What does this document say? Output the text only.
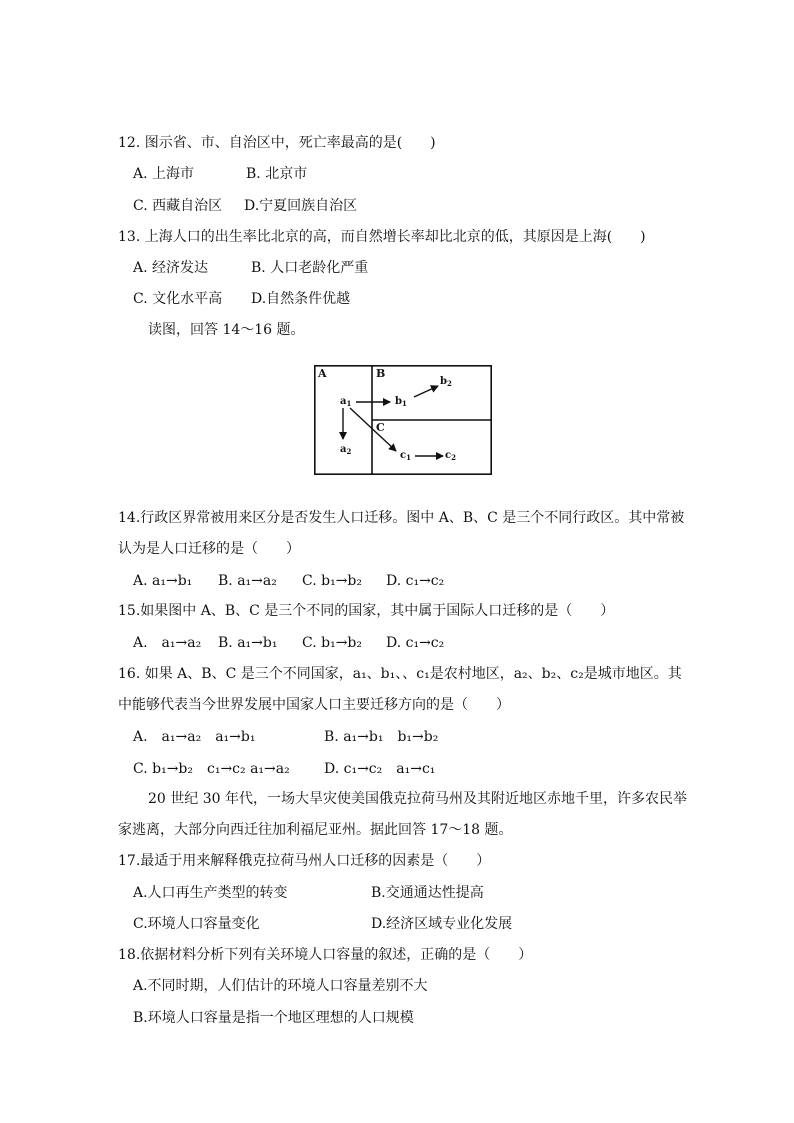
12. 图示省、市、自治区中，死亡率最高的是(　　)
A. 上海市	B. 北京市
C. 西藏自治区 D.宁夏回族自治区
13. 上海人口的出生率比北京的高，而自然增长率却比北京的低，其原因是上海(　　)
A. 经济发达	B. 人口老龄化严重
C. 文化水平高 D.自然条件优越
读图，回答 14～16 题。
A	B
C
$a_1$
$a_2$
$b_1$
$b_2$
$c_1$	$c_2$
14.行政区界常被用来区分是否发生人口迁移。图中 A、B、C 是三个不同行政区。其中常被
认为是人口迁移的是（　　）
A. a₁→b₁ B. a₁→a₂ C. b₁→b₂ D. c₁→c₂
15.如果图中 A、B、C 是三个不同的国家，其中属于国际人口迁移的是（　　）
A.　a₁→a₂ B. a₁→b₁ C. b₁→b₂ D. c₁→c₂
16. 如果 A、B、C 是三个不同国家，a₁、b₁、、c₁是农村地区，a₂、b₂、c₂是城市地区。其
中能够代表当今世界发展中国家人口主要迁移方向的是（　　）
A.　a₁→a₂　a₁→b₁	B. a₁→b₁　b₁→b₂
C. b₁→b₂　c₁→c₂ a₁→a₂ D. c₁→c₂　a₁→c₁
20 世纪 30 年代，一场大旱灾使美国俄克拉荷马州及其附近地区赤地千里，许多农民举
家逃离，大部分向西迁往加利福尼亚州。据此回答 17～18 题。
17.最适于用来解释俄克拉荷马州人口迁移的因素是（　　）
A.人口再生产类型的转变	B.交通通达性提高
C.环境人口容量变化	D.经济区域专业化发展
18.依据材料分析下列有关环境人口容量的叙述，正确的是（　　）
A.不同时期，人们估计的环境人口容量差别不大
B.环境人口容量是指一个地区理想的人口规模
